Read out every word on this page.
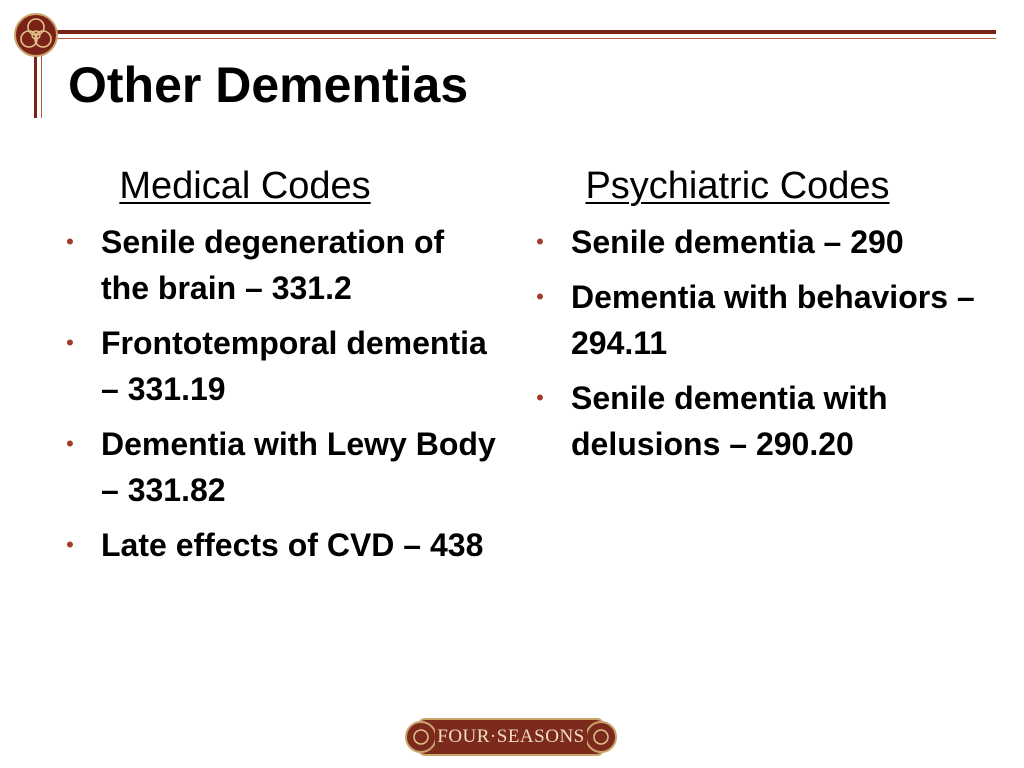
Other Dementias
Medical Codes
• Senile degeneration of the brain – 331.2
• Frontotemporal dementia – 331.19
• Dementia with Lewy Body – 331.82
• Late effects of CVD – 438
Psychiatric Codes
• Senile dementia – 290
• Dementia with behaviors – 294.11
• Senile dementia with delusions – 290.20
FOUR·SEASONS
